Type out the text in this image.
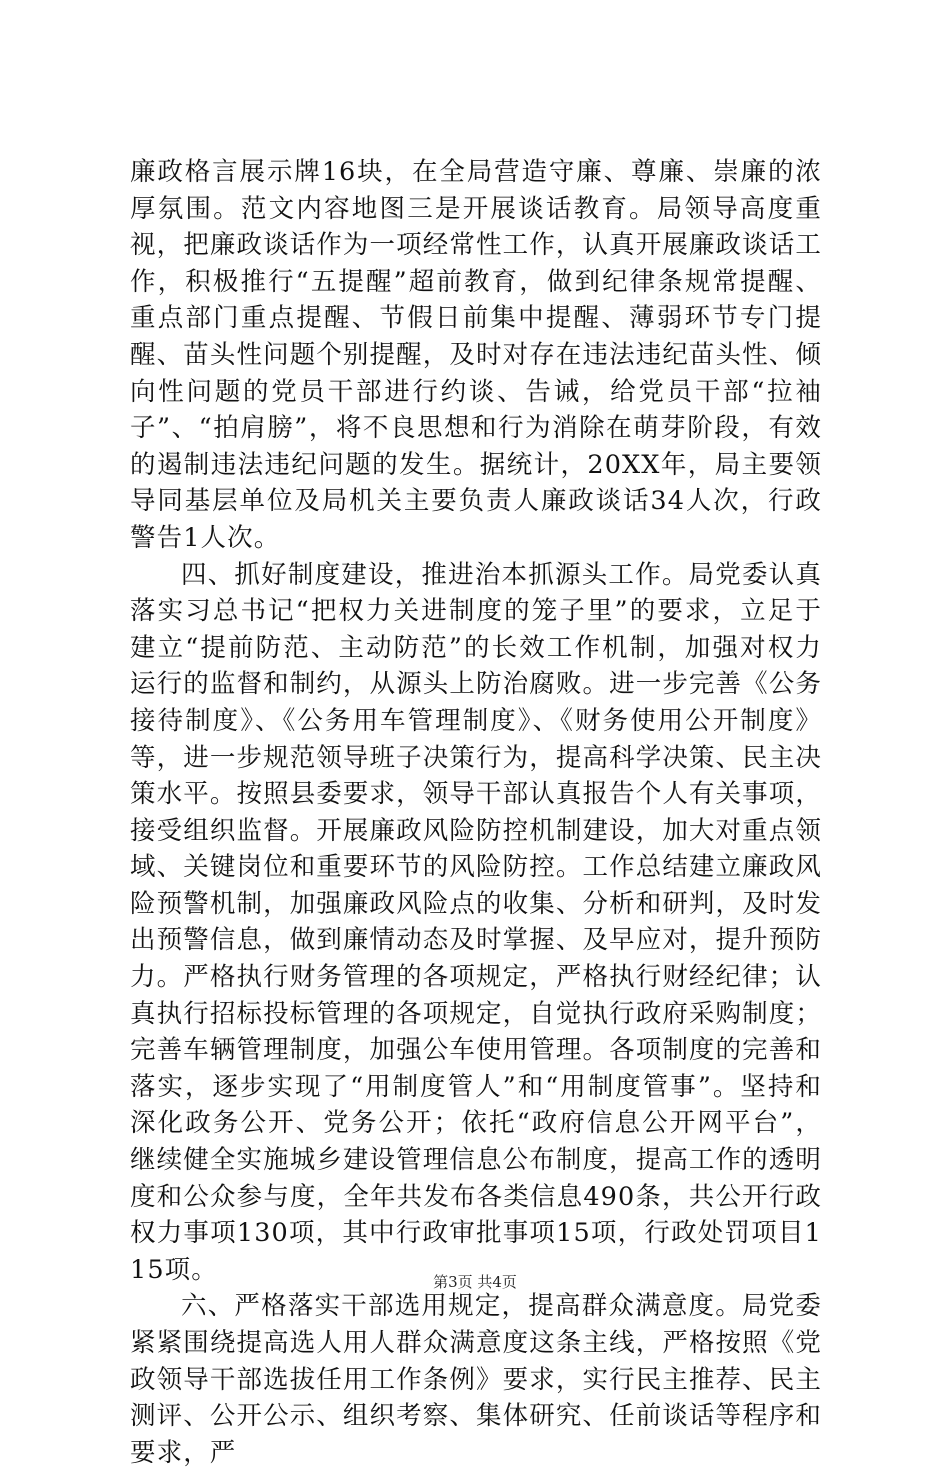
廉政格言展示牌16块，在全局营造守廉、尊廉、崇廉的浓厚氛围。范文内容地图三是开展谈话教育。局领导高度重视，把廉政谈话作为一项经常性工作，认真开展廉政谈话工作，积极推行“五提醒”超前教育，做到纪律条规常提醒、重点部门重点提醒、节假日前集中提醒、薄弱环节专门提醒、苗头性问题个别提醒，及时对存在违法违纪苗头性、倾向性问题的党员干部进行约谈、告诫，给党员干部“拉袖子”、“拍肩膀”，将不良思想和行为消除在萌芽阶段，有效的遏制违法违纪问题的发生。据统计，20XX年，局主要领导同基层单位及局机关主要负责人廉政谈话34人次，行政警告1人次。

四、抓好制度建设，推进治本抓源头工作。局党委认真落实习总书记“把权力关进制度的笼子里”的要求，立足于建立“提前防范、主动防范”的长效工作机制，加强对权力运行的监督和制约，从源头上防治腐败。进一步完善《公务接待制度》、《公务用车管理制度》、《财务使用公开制度》等，进一步规范领导班子决策行为，提高科学决策、民主决策水平。按照县委要求，领导干部认真报告个人有关事项，接受组织监督。开展廉政风险防控机制建设，加大对重点领域、关键岗位和重要环节的风险防控。工作总结建立廉政风险预警机制，加强廉政风险点的收集、分析和研判，及时发出预警信息，做到廉情动态及时掌握、及早应对，提升预防力。严格执行财务管理的各项规定，严格执行财经纪律；认真执行招标投标管理的各项规定，自觉执行政府采购制度；完善车辆管理制度，加强公车使用管理。各项制度的完善和落实，逐步实现了“用制度管人”和“用制度管事”。坚持和深化政务公开、党务公开；依托“政府信息公开网平台”，继续健全实施城乡建设管理信息公布制度，提高工作的透明度和公众参与度，全年共发布各类信息490条，共公开行政权力事项130项，其中行政审批事项15项，行政处罚项目115项。

六、严格落实干部选用规定，提高群众满意度。局党委紧紧围绕提高选人用人群众满意度这条主线，严格按照《党政领导干部选拔任用工作条例》要求，实行民主推荐、民主测评、公开公示、组织考察、集体研究、任前谈话等程序和要求，严

第3页 共4页
